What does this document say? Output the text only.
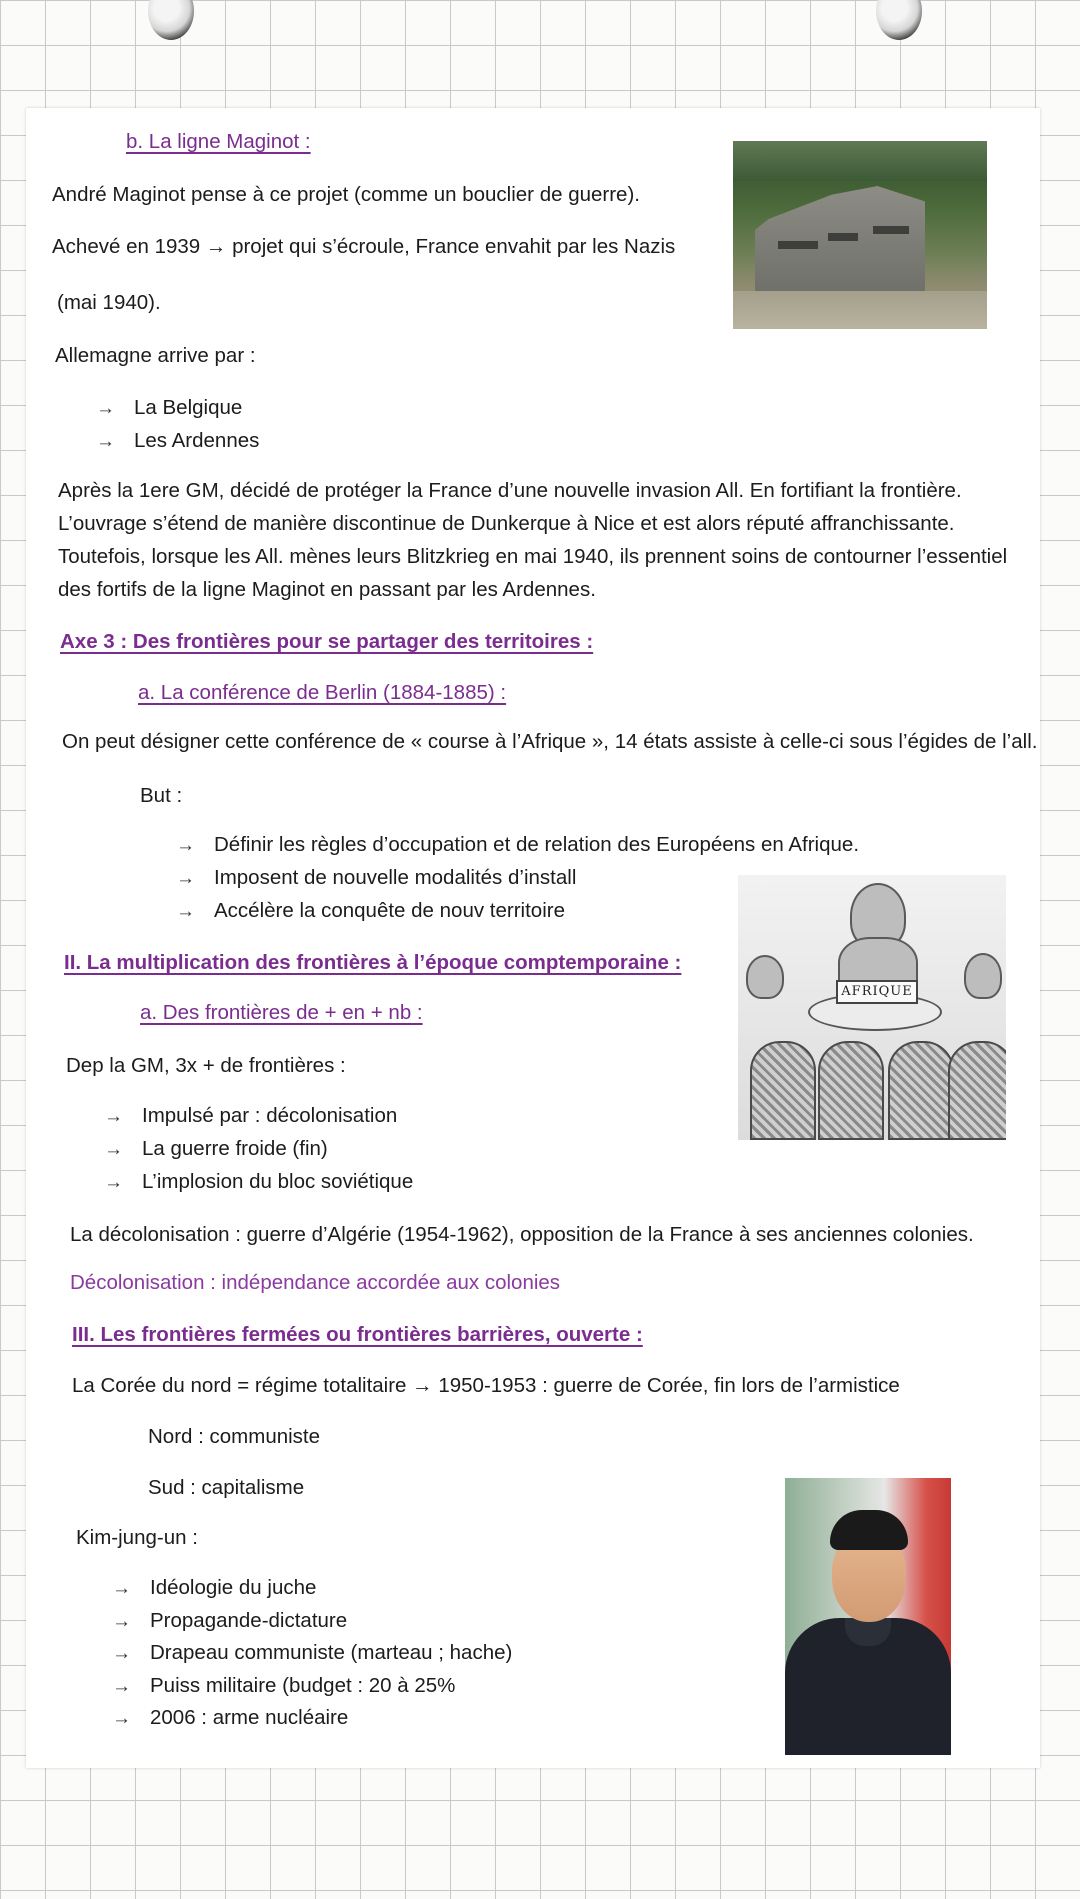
b. La ligne Maginot :
André Maginot pense à ce projet (comme un bouclier de guerre).
Achevé en 1939 → projet qui s’écroule, France envahit par les Nazis
(mai 1940).
Allemagne arrive par :
→ La Belgique
→ Les Ardennes
Après la 1ere GM, décidé de protéger la France d’une nouvelle invasion All. En fortifiant la frontière. L’ouvrage s’étend de manière discontinue de Dunkerque à Nice et est alors réputé affranchissante. Toutefois, lorsque les All. mènes leurs Blitzkrieg en mai 1940, ils prennent soins de contourner l’essentiel des fortifs de la ligne Maginot en passant par les Ardennes.
Axe 3 : Des frontières pour se partager des territoires :
a. La conférence de Berlin (1884-1885) :
On peut désigner cette conférence de « course à l’Afrique », 14 états assiste à celle-ci sous l’égides de l’all.
But :
→ Définir les règles d’occupation et de relation des Européens en Afrique.
→ Imposent de nouvelle modalités d’install
→ Accélère la conquête de nouv territoire
AFRIQUE
II. La multiplication des frontières à l’époque comptemporaine :
a. Des frontières de + en + nb :
Dep la GM, 3x + de frontières :
→ Impulsé par : décolonisation
→ La guerre froide (fin)
→ L’implosion du bloc soviétique
La décolonisation : guerre d’Algérie (1954-1962), opposition de la France à ses anciennes colonies.
Décolonisation : indépendance accordée aux colonies
III. Les frontières fermées ou frontières barrières, ouverte :
La Corée du nord = régime totalitaire → 1950-1953 : guerre de Corée, fin lors de l’armistice
Nord : communiste
Sud : capitalisme
Kim-jung-un :
→ Idéologie du juche
→ Propagande-dictature
→ Drapeau communiste (marteau ; hache)
→ Puiss militaire (budget : 20 à 25%
→ 2006 : arme nucléaire
